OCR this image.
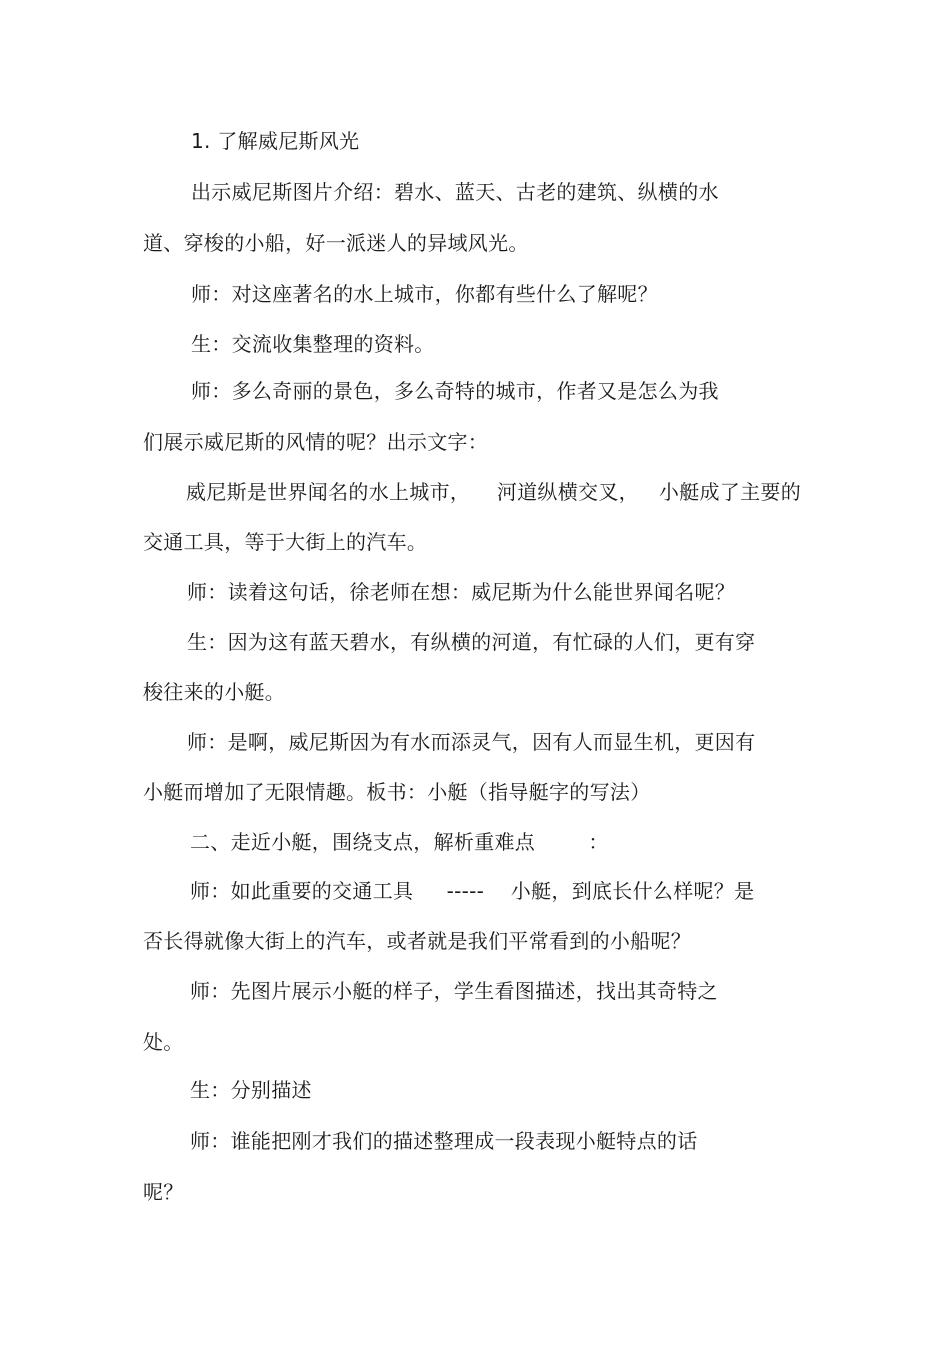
1. 了解威尼斯风光
出示威尼斯图片介绍：碧水、蓝天、古老的建筑、纵横的水
道、穿梭的小船，好一派迷人的异域风光。
师：对这座著名的水上城市，你都有些什么了解呢？
生：交流收集整理的资料。
师：多么奇丽的景色，多么奇特的城市，作者又是怎么为我
们展示威尼斯的风情的呢？出示文字：
威尼斯是世界闻名的水上城市，    河道纵横交叉，   小艇成了主要的
交通工具，等于大街上的汽车。
师：读着这句话，徐老师在想：威尼斯为什么能世界闻名呢？
生：因为这有蓝天碧水，有纵横的河道，有忙碌的人们，更有穿
梭往来的小艇。
师：是啊，威尼斯因为有水而添灵气，因有人而显生机，更因有
小艇而增加了无限情趣。板书：小艇（指导艇字的写法）
二、走近小艇，围绕支点，解析重难点        ：
师：如此重要的交通工具     -----    小艇，到底长什么样呢？是
否长得就像大街上的汽车，或者就是我们平常看到的小船呢？
师：先图片展示小艇的样子，学生看图描述，找出其奇特之
处。
生：分别描述
师：谁能把刚才我们的描述整理成一段表现小艇特点的话
呢？
